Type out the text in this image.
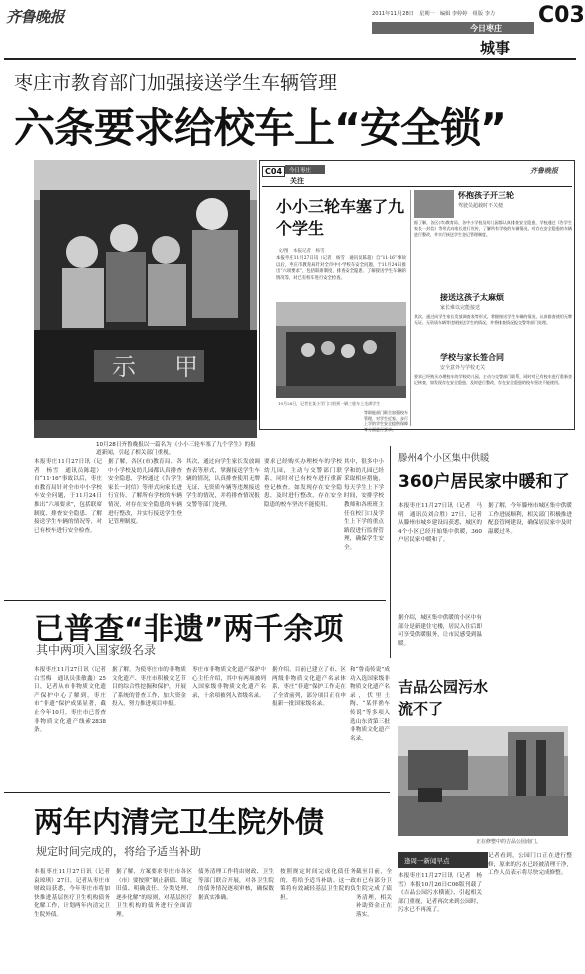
齐鲁晚报	2011年11月28日　星期一　编辑 李婷婷　组版 李力 C03
今日枣庄
城事
枣庄市教育部门加强接送学生车辆管理
六条要求给校车上“安全锁”
示 甲
10月28日齐鲁晚报以一篇名为《小小三轮车塞了九个学生》的报道新闻，引起了相关部门重视。
C04	今日枣庄
关注
齐鲁晚报
小小三轮车塞了九个学生
文/图　本报记者　杨雪
本报枣庄11月27日讯（记者　杨雪　通讯员陈超）自“11·16”事故以后，枣庄市教育局针对全市中小学校车安全问题，于11月24日推出“六项要求”，包括联席制度、排查安全隐患、了解接送学生车辆的情况等，对已有校车进行安全检查。
10月28日，记者在某小学门口拍到一辆三轮车上坐满学生
等职能部门联合加强校车管理，对学生近家、步行上学的学生安全提供保障等方面进行要求。
怀抱孩子开三轮
驾驶员超载时不关便
据了解，各区(市)教育局、各中小学校及幼儿园都认真排查安全隐患，学校通过《告学生家长一封信》等形式向家长进行宣传，了解所有学校的车辆情况，对存在安全隐患的车辆进行整改，并实行接送学生登记管理制度。
接送这孩子太麻烦
家长难以完能接送
其次，通过向学生家长发放调查表等形式，掌握接送学生车辆的情况，认真排查使用无牌无证、无资质车辆等违规接送学生的情况，并将排查情况报交警等部门处理。
学校与家长签合同
安全意外与学校无关
要求已经购买办理校车的学校幼儿园，主动与交警部门联系，同时对已有校车进行重新登记核查，如发现存在安全隐患，及时进行整改，存在安全隐患的校车坚决不能使用。
本报枣庄11月27日讯（记者　杨雪　通讯员陈超）自“11·16”事故以后，枣庄市教育局针对全市中小学校车安全问题，于11月24日推出“六项要求”，包括联席制度、排查安全隐患、了解接送学生车辆的情况等，对已有校车进行安全检查。
据了解，各区(市)教育局、各中小学校及幼儿园都认真排查安全隐患，学校通过《告学生家长一封信》等形式向家长进行宣传，了解所有学校的车辆情况，对存在安全隐患的车辆进行整改，并实行接送学生登记管理制度。
其次，通过向学生家长发放调查表等形式，掌握接送学生车辆的情况，认真排查使用无牌无证、无资质车辆等违规接送学生的情况，并将排查情况报交警等部门处理。
要求已经购买办理校车的学校幼儿园，主动与交警部门联系，同时对已有校车进行重新登记核查，如发现存在安全隐患，及时进行整改，存在安全隐患的校车坚决不能使用。
其中，很多中小学和幼儿园已经采取相应措施，每天学生上下学时间，安排学校教师和各班班主任在校门口及学生上下学的重点路段进行监督管理，确保学生安全。
滕州4个小区集中供暖
360户居民家中暖和了
本报枣庄11月27日讯（记者　马明　通讯员刘合胜）27日，记者从滕州市城乡建设局获悉，城区的4个小区已经开始集中供暖，360户居民家中暖和了。
据了解，今年滕州市城区集中供暖工作进展顺利，相关部门积极推进配套管网建设，确保居民家中及时温暖过冬。
据介绍，城区集中供暖的小区中有部分是新建住宅楼，居民入住后即可享受供暖服务，让市民感受到温暖。
已普查“非遗”两千余项
其中两项入国家级名录
本报枣庄11月27日讯（记者　白雪梅　通讯员张敏鑫）25日，记者从市非物质文化遗产保护中心了解到，枣庄市“非遗”保护成果显著，截止今年10月，枣庄市已普查非物质文化遗产线索2838条。
据了解，为使枣庄市的非物质文化遗产、枣庄市积极文艺节目的综合性挖掘和保护，开展了系统的普查工作，加大资金投入，努力推进项目申报。
枣庄市非物质文化遗产保护中心主任介绍，其中有两项被列入国家级非物质文化遗产名录，十余项被列入省级名录。
据介绍，目前已建立了市、区两级非物质文化遗产名录体系，枣庄“非遗”保护工作走在了全省前列，部分项目正在申报新一批国家级名录。
和“鲁南传说”成功入选国家级非物质文化遗产名录，伏里土陶、“某伴渔车传说”等多项入选山东省第三批非物质文化遗产名录。
吉品公园污水流不了
正在修整中的吉品公园南门。
两年内清完卫生院外债
规定时间完成的，将给予适当补助
本报枣庄11月27日讯（记者　袁琼琪）27日，记者从枣庄市财政局获悉，今年枣庄市将加快推进基层医疗卫生机构债务化解工作，计划两年内清完卫生院外债。
据了解，方案要求枣庄市各区（市）要按照“制止新债、锁定旧债、明确责任、分类处理、逐步化解”的原则，对基层医疗卫生机构的债务进行全面清理。
债务清理工作将由财政、卫生等部门联合开展，对各卫生院的债务情况逐项审核，确保数据真实准确。
按照规定时间完成化债任务的，将给予适当补助。这一政策将有效减轻基层卫生院的负担。
截至目前，全市已有部分卫生院完成了债务清理，相关补助资金正在落实。
逢周一新闻早点
本报枣庄11月27日讯（记者　杨雪）本报10月26日C06版刊载了《吉品公园污水横流》，引起相关部门重视，记者再次来到公园时，污水已不再流了。
记者看到，公园门口正在进行整修，原来的污水已经被清理干净，工作人员表示将尽快完成修整。
